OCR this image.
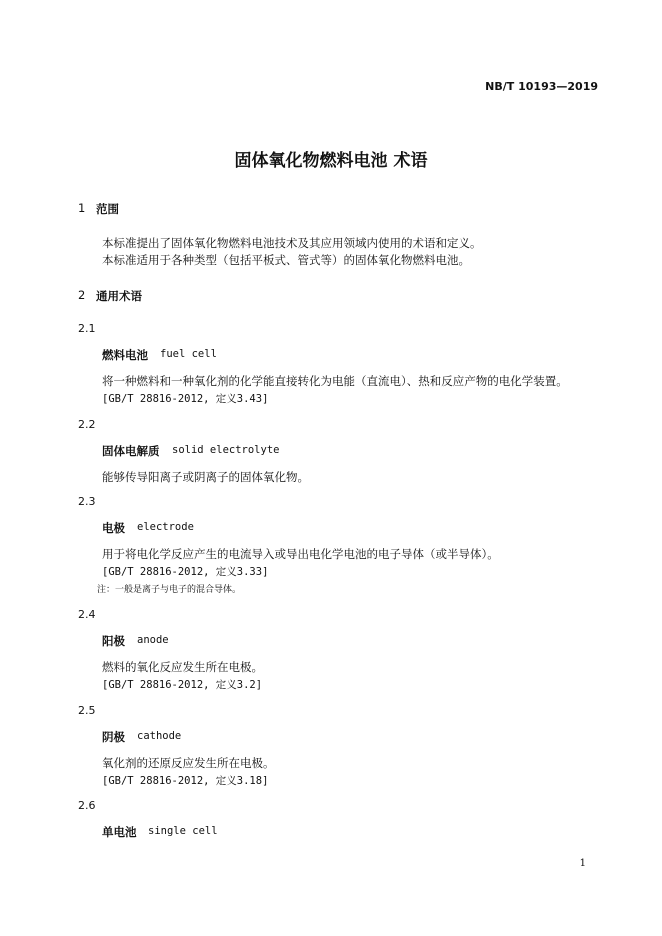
NB/T 10193—2019
固体氧化物燃料电池 术语
1 范围
本标准提出了固体氧化物燃料电池技术及其应用领域内使用的术语和定义。
本标准适用于各种类型（包括平板式、管式等）的固体氧化物燃料电池。
2 通用术语
2.1
燃料电池 fuel cell
将一种燃料和一种氧化剂的化学能直接转化为电能（直流电）、热和反应产物的电化学装置。
[GB/T 28816-2012, 定义3.43]
2.2
固体电解质 solid electrolyte
能够传导阳离子或阴离子的固体氧化物。
2.3
电极 electrode
用于将电化学反应产生的电流导入或导出电化学电池的电子导体（或半导体）。
[GB/T 28816-2012, 定义3.33]
注：一般是离子与电子的混合导体。
2.4
阳极 anode
燃料的氧化反应发生所在电极。
[GB/T 28816-2012, 定义3.2]
2.5
阴极 cathode
氧化剂的还原反应发生所在电极。
[GB/T 28816-2012, 定义3.18]
2.6
单电池 single cell
1
